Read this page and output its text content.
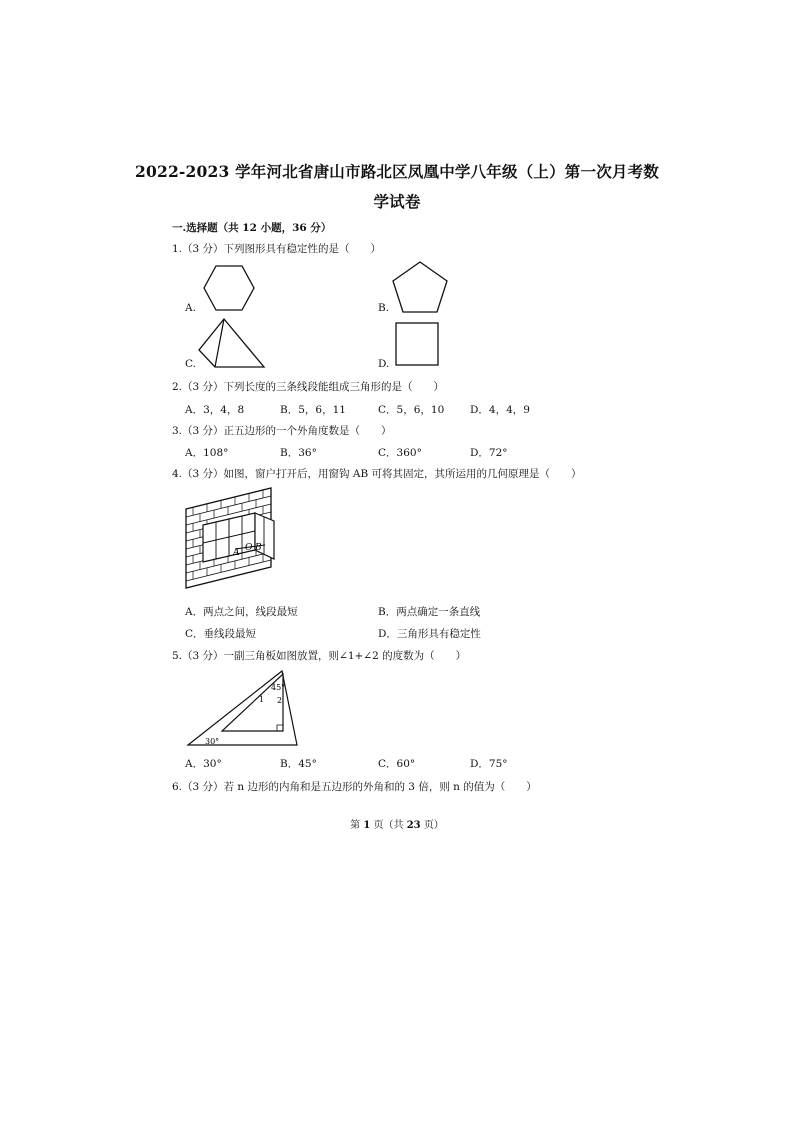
2022-2023 学年河北省唐山市路北区凤凰中学八年级（上）第一次月考数
学试卷
一.选择题（共 12 小题，36 分）
1.（3 分）下列图形具有稳定性的是（　　）
A.	B.
C.	D.
2.（3 分）下列长度的三条线段能组成三角形的是（　　）
A．3，4，8	B．5，6，11	C．5，6，10 D．4，4，9
3.（3 分）正五边形的一个外角度数是（　　）
A．108°	B．36°	C．360°	D．72°
4.（3 分）如图，窗户打开后，用窗钩 AB 可将其固定，其所运用的几何原理是（　　）
A O B
A．两点之间，线段最短	B．两点确定一条直线
C．垂线段最短	D．三角形具有稳定性
5.（3 分）一副三角板如图放置，则∠1+∠2 的度数为（　　）
45°
1 2
30°
A．30°	B．45°	C．60°	D．75°
6.（3 分）若 n 边形的内角和是五边形的外角和的 3 倍，则 n 的值为（　　）
第 1 页（共 23 页）
